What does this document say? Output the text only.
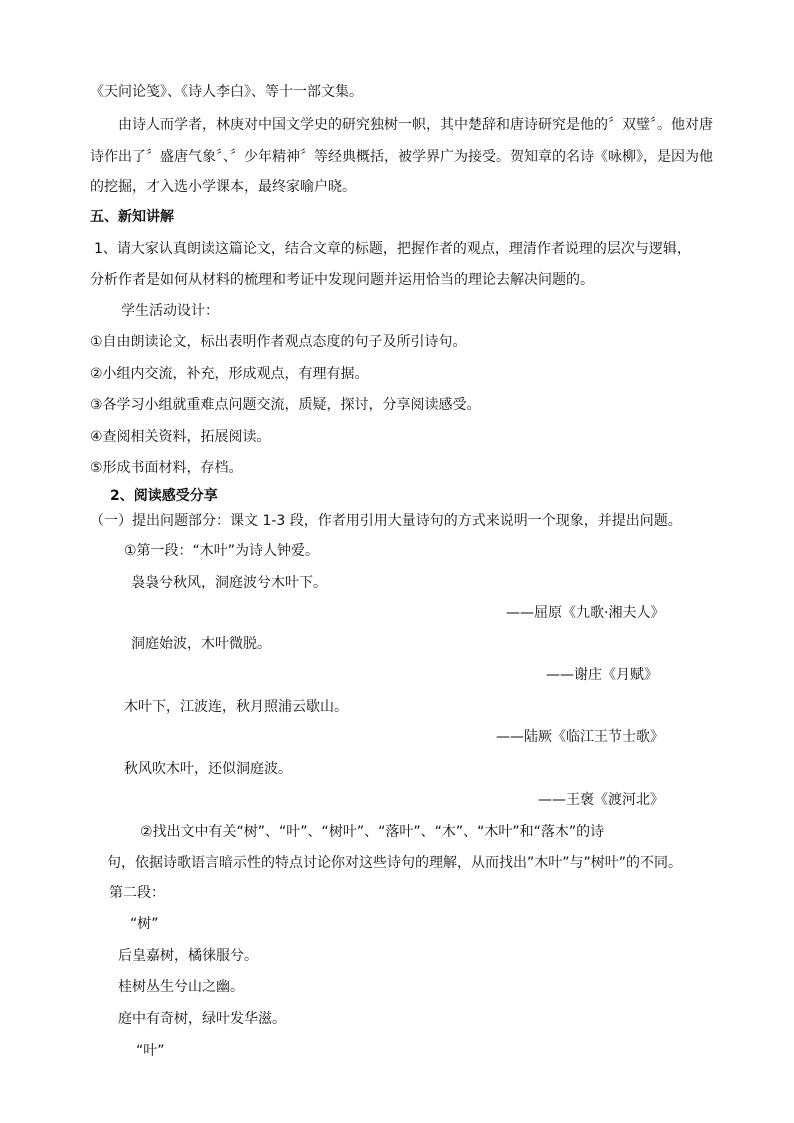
《天问论笺》、《诗人李白》、等十一部文集。
由诗人而学者，林庚对中国文学史的研究独树一帜，其中楚辞和唐诗研究是他的〞双璧〞。他对唐
诗作出了〞盛唐气象〞、〞少年精神〞等经典概括，被学界广为接受。贺知章的名诗《咏柳》，是因为他
的挖掘，才入选小学课本，最终家喻户晓。
五、新知讲解
1、请大家认真朗读这篇论文，结合文章的标题，把握作者的观点，理清作者说理的层次与逻辑，
分析作者是如何从材料的梳理和考证中发现问题并运用恰当的理论去解决问题的。
学生活动设计：
①自由朗读论文，标出表明作者观点态度的句子及所引诗句。
②小组内交流，补充，形成观点，有理有据。
③各学习小组就重难点问题交流，质疑，探讨，分享阅读感受。
④查阅相关资料，拓展阅读。
⑤形成书面材料，存档。
2、阅读感受分享
（一）提出问题部分：课文 1-3 段，作者用引用大量诗句的方式来说明一个现象，并提出问题。
①第一段：“木叶”为诗人钟爱。
袅袅兮秋风，洞庭波兮木叶下。
——屈原《九歌·湘夫人》
洞庭始波，木叶微脱。
——谢庄《月赋》
木叶下，江波连，秋月照浦云歇山。
——陆厥《临江王节士歌》
秋风吹木叶，还似洞庭波。
——王褒《渡河北》
②找出文中有关“树”、“叶”、“树叶”、“落叶”、“木”、“木叶”和“落木”的诗
句，依据诗歌语言暗示性的特点讨论你对这些诗句的理解，从而找出”木叶”与”树叶”的不同。
第二段：
“树”
后皇嘉树，橘徕服兮。
桂树丛生兮山之幽。
庭中有奇树，绿叶发华滋。
“叶”
